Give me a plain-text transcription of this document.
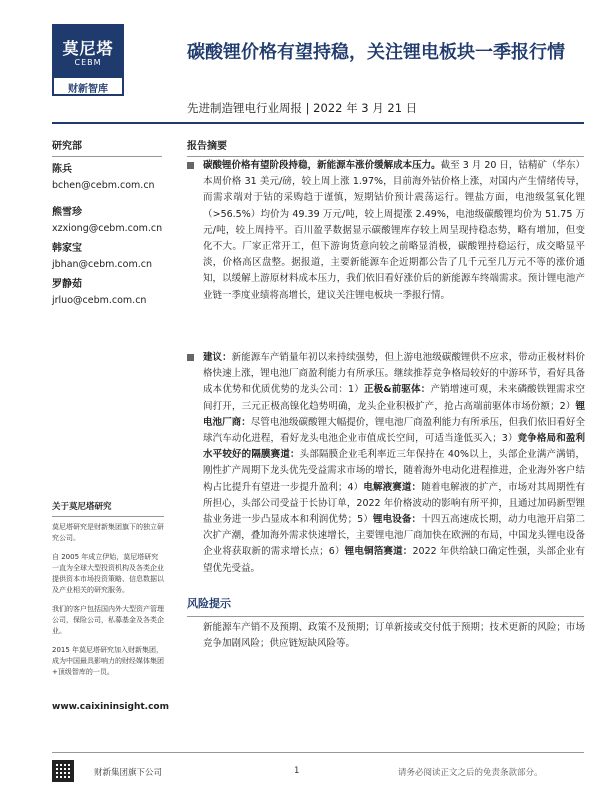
莫尼塔
CEBM
财新智库
碳酸锂价格有望持稳，关注锂电板块一季报行情
先进制造锂电行业周报 | 2022 年 3 月 21 日
研究部
陈兵
bchen@cebm.com.cn
熊雪珍
xzxiong@cebm.com.cn
韩家宝
jbhan@cebm.com.cn
罗静茹
jrluo@cebm.com.cn
关于莫尼塔研究

莫尼塔研究是财新集团旗下的独立研究公司。

自 2005 年成立伊始，莫尼塔研究一直为全球大型投资机构及各类企业提供资本市场投资策略、信息数据以及产业相关的研究服务。

我们的客户包括国内外大型资产管理公司，保险公司，私募基金及各类企业。

2015 年莫尼塔研究加入财新集团，成为中国最具影响力的财经媒体集团+顶级智库的一员。

www.caixininsight.com
报告摘要
碳酸锂价格有望阶段持稳，新能源车涨价缓解成本压力。截至 3 月 20 日，钴精矿（华东）本周价格 31 美元/磅，较上周上涨 1.97%，目前海外钴价格上涨，对国内产生情绪传导，而需求端对于钴的采购趋于谨慎，短期钴价预计震荡运行。锂盐方面，电池级氢氧化锂（>56.5%）均价为 49.39 万元/吨，较上周提涨 2.49%，电池级碳酸锂均价为 51.75 万元/吨，较上周持平。百川盈孚数据显示碳酸锂库存较上周呈现持稳态势，略有增加，但变化不大。厂家正常开工，但下游询货意向较之前略显消极，碳酸锂持稳运行，成交略显平淡，价格高区盘整。据报道，主要新能源车企近期都公告了几千元至几万元不等的涨价通知，以缓解上游原材料成本压力，我们依旧看好涨价后的新能源车终端需求。预计锂电池产业链一季度业绩将高增长，建议关注锂电板块一季报行情。
建议：新能源车产销量年初以来持续强势，但上游电池级碳酸锂供不应求，带动正极材料价格快速上涨，锂电池厂商盈利能力有所承压。继续推荐竞争格局较好的中游环节，看好具备成本优势和优质优势的龙头公司：1）正极&前驱体：产销增速可观，未来磷酸铁锂需求空间打开，三元正极高镍化趋势明确，龙头企业积极扩产，抢占高端前驱体市场份额；2）锂电池厂商：尽管电池级碳酸锂大幅提价，锂电池厂商盈利能力有所承压，但我们依旧看好全球汽车动化进程，看好龙头电池企业市值成长空间，可适当逢低买入；3）竞争格局和盈利水平较好的隔膜赛道：头部隔膜企业毛利率近三年保持在 40%以上，头部企业满产满销，刚性扩产周期下龙头优先受益需求市场的增长，随着海外电动化进程推进，企业海外客户结构占比提升有望进一步提升盈利；4）电解液赛道：随着电解液的扩产，市场对其周期性有所担心，头部公司受益于长协订单，2022 年价格波动的影响有所平抑，且通过加码新型锂盐业务进一步凸显成本和利润优势；5）锂电设备：十四五高速成长期，动力电池开启第二次扩产潮，叠加海外需求快速增长，主要锂电池厂商加快在欧洲的布局，中国龙头锂电设备企业将获取新的需求增长点；6）锂电铜箔赛道：2022 年供给缺口确定性强，头部企业有望优先受益。
风险提示
新能源车产销不及预期、政策不及预期；订单新接或交付低于预期；技术更新的风险；市场竞争加剧风险；供应链短缺风险等。
财新集团旗下公司	1	请务必阅读正文之后的免责条款部分。
